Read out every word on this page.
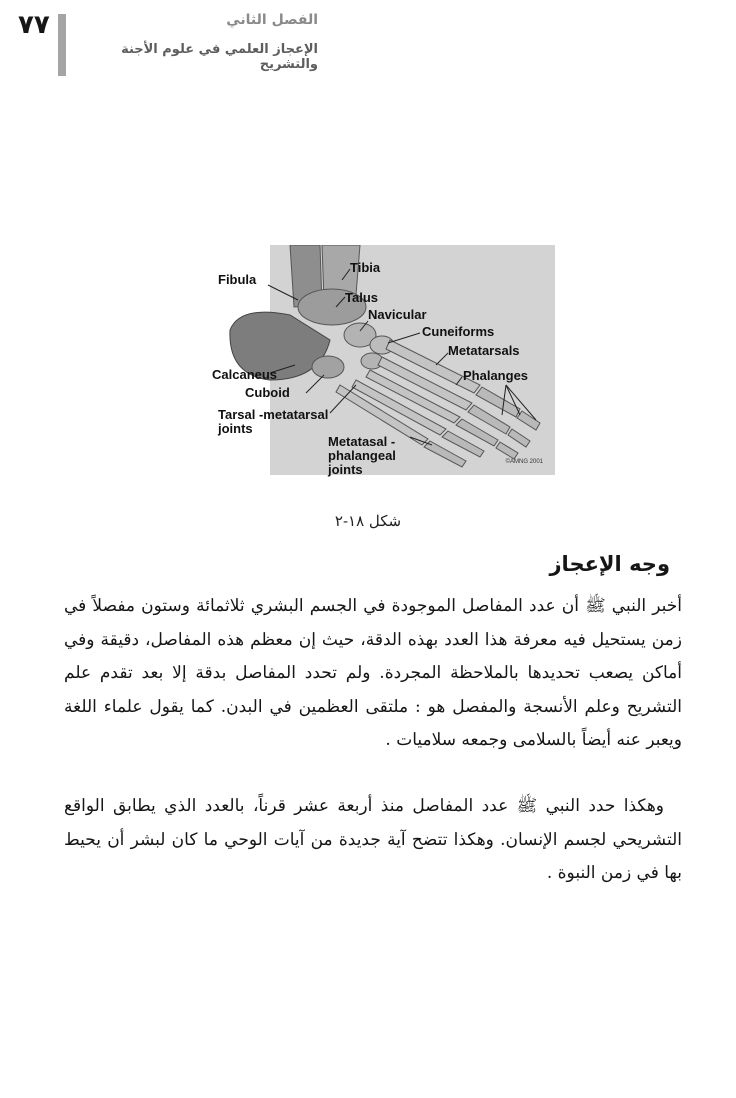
٧٧	الفصل الثاني
الإعجاز العلمي في علوم الأجنة والتشريح
Tibia
Fibula
Talus
Navicular
Cuneiforms
Metatarsals
Calcaneus	Phalanges
Cuboid
Tarsal -metatarsal
joints
Metatasal -
phalangeal
joints	©AMNG 2001
شكل ١٨-٢
وجه الإعجاز

أخبر النبي ﷺ أن عدد المفاصل الموجودة في الجسم البشري ثلاثمائة وستون مفصلاً في زمن يستحيل فيه معرفة هذا العدد بهذه الدقة، حيث إن معظم هذه المفاصل، دقيقة وفي أماكن يصعب تحديدها بالملاحظة المجردة. ولم تحدد المفاصل بدقة إلا بعد تقدم علم التشريح وعلم الأنسجة والمفصل هو : ملتقى العظمين في البدن. كما يقول علماء اللغة ويعبر عنه أيضاً بالسلامى وجمعه سلاميات .

وهكذا حدد النبي ﷺ عدد المفاصل منذ أربعة عشر قرناً، بالعدد الذي يطابق الواقع التشريحي لجسم الإنسان. وهكذا تتضح آية جديدة من آيات الوحي ما كان لبشر أن يحيط بها في زمن النبوة .
